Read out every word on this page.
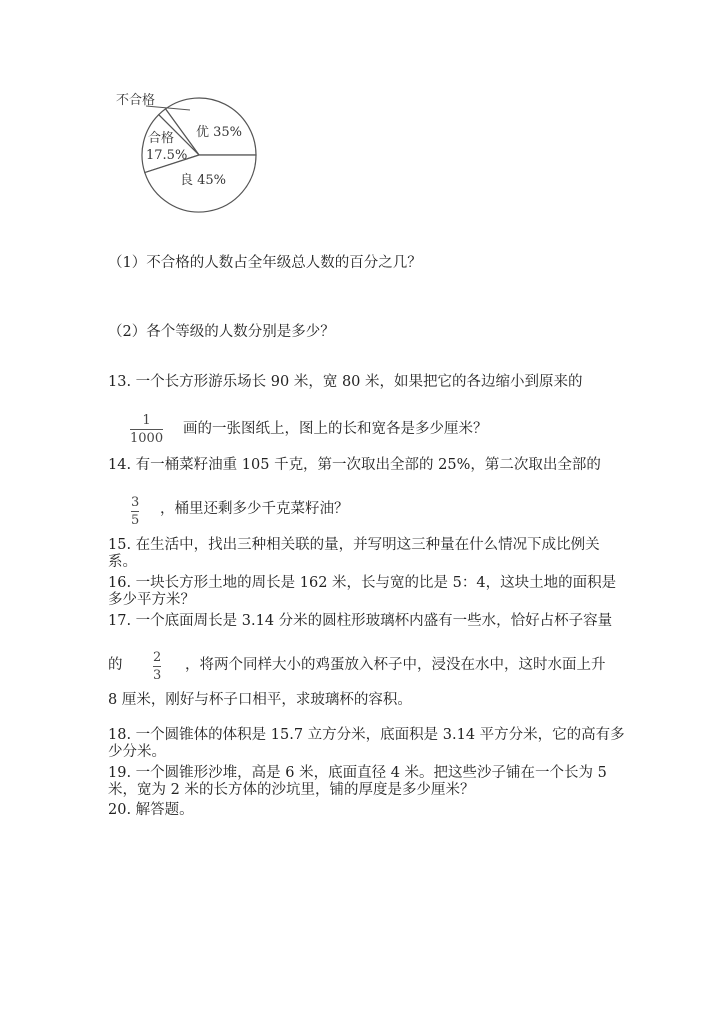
不合格
优 35%
合格
17.5%
良 45%
（1）不合格的人数占全年级总人数的百分之几？
（2）各个等级的人数分别是多少？
13. 一个长方形游乐场长 90 米，宽 80 米，如果把它的各边缩小到原来的
1
1000
画的一张图纸上，图上的长和宽各是多少厘米？
14. 有一桶菜籽油重 105 千克，第一次取出全部的 25%，第二次取出全部的
3
5
，桶里还剩多少千克菜籽油？
15. 在生活中，找出三种相关联的量，并写明这三种量在什么情况下成比例关
系。
16. 一块长方形土地的周长是 162 米，长与宽的比是 5：4，这块土地的面积是
多少平方米？
17. 一个底面周长是 3.14 分米的圆柱形玻璃杯内盛有一些水，恰好占杯子容量
的 2
3
，将两个同样大小的鸡蛋放入杯子中，浸没在水中，这时水面上升
8 厘米，刚好与杯子口相平，求玻璃杯的容积。
18. 一个圆锥体的体积是 15.7 立方分米，底面积是 3.14 平方分米，它的高有多
少分米。
19. 一个圆锥形沙堆，高是 6 米，底面直径 4 米。把这些沙子铺在一个长为 5
米，宽为 2 米的长方体的沙坑里，铺的厚度是多少厘米？
20. 解答题。
